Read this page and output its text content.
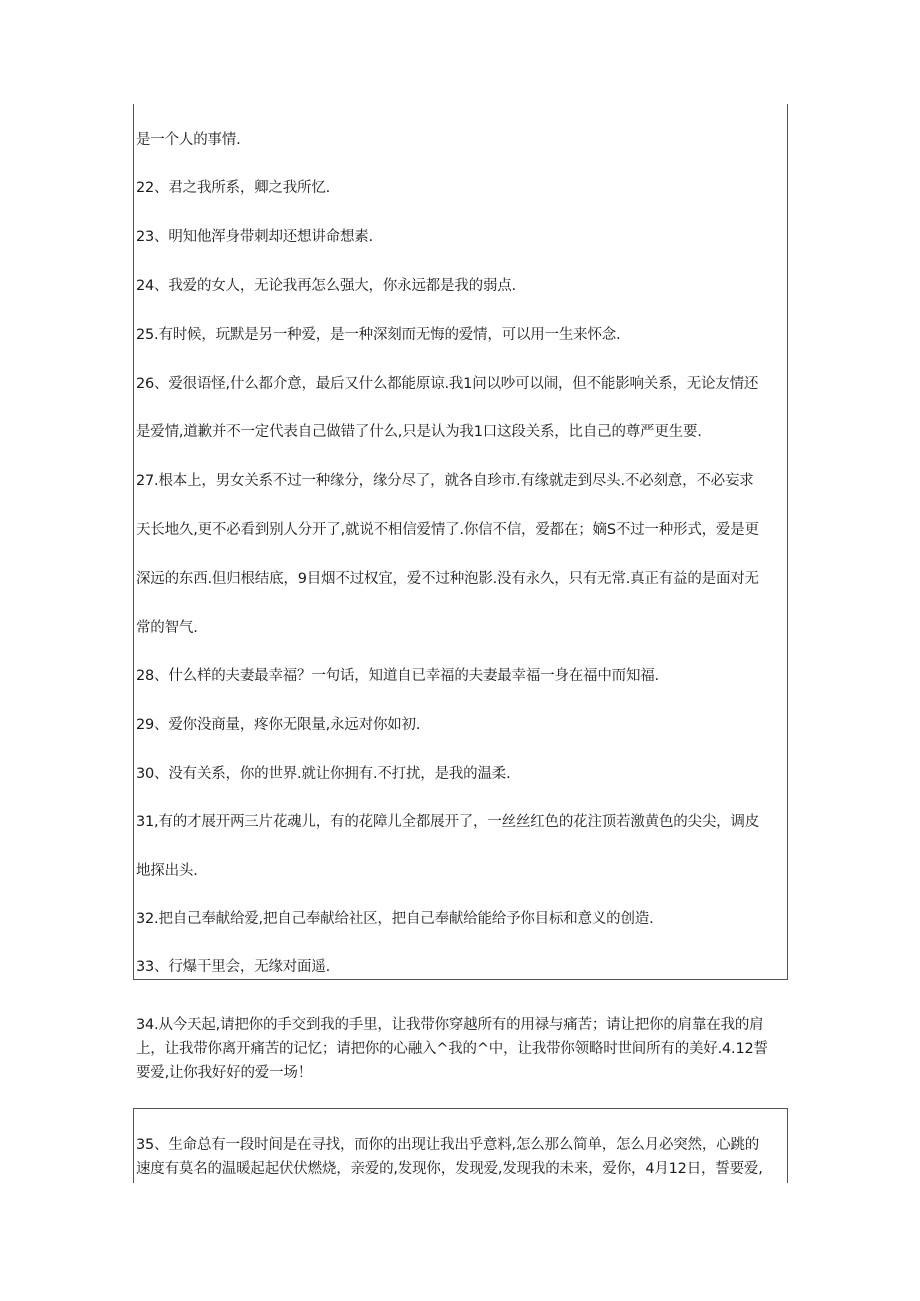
是一个人的事情.
22、君之我所系，卿之我所忆.
23、明知他浑身带刺却还想讲命想素.
24、我爱的女人，无论我再怎么强大，你永远都是我的弱点.
25.有时候，玩默是另一种爱，是一种深刻而无悔的爱情，可以用一生来怀念.
26、爱很语怪,什么都介意，最后又什么都能原谅.我1问以吵可以闹，但不能影响关系，无论友情还
是爱情,道歉并不一定代表自己做错了什么,只是认为我1口这段关系，比自己的尊严更生要.
27.根本上，男女关系不过一种缘分，缘分尽了，就各自珍市.有缘就走到尽头.不必刻意，不必妄求
天长地久,更不必看到别人分开了,就说不相信爱情了.你信不信，爱都在；嫡S不过一种形式，爱是更
深远的东西.但归根结底，9目烟不过权宜，爱不过种泡影.没有永久，只有无常.真正有益的是面对无
常的智气.
28、什么样的夫妻最幸福？一句话，知道自已幸福的夫妻最幸福一身在福中而知福.
29、爱你没商量，疼你无限量,永远对你如初.
30、没有关系，你的世界.就让你拥有.不打扰，是我的温柔.
31,有的才展开两三片花魂儿，有的花障儿全都展开了，一丝丝红色的花注顶若激黄色的尖尖，调皮
地探出头.
32.把自己奉献给爱,把自己奉献给社区，把自己奉献给能给予你目标和意义的创造.
33、行爆干里会，无缘对面遥.
34.从今天起,请把你的手交到我的手里，让我带你穿越所有的用禄与痛苦；请让把你的肩靠在我的肩
上，让我带你离开痛苦的记忆；请把你的心融入^我的^中，让我带你领略时世间所有的美好.4.12誓
要爱,让你我好好的爱一场！
35、生命总有一段时间是在寻找，而你的出现让我出乎意料,怎么那么简单，怎么月必突然，心跳的
速度有莫名的温暖起起伏伏燃烧，亲爱的,发现你，发现爱,发现我的未来，爱你，4月12日，誓要爱,
